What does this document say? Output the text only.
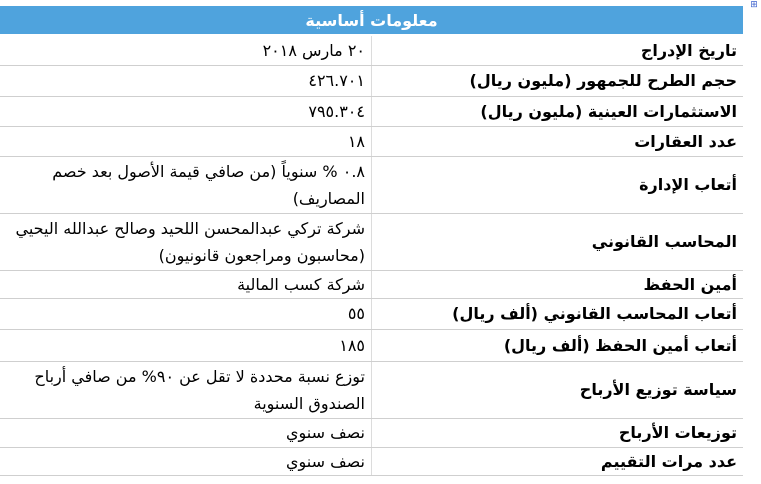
⊞
معلومات أساسية	
تاريخ الإدراج	٢٠ مارس ٢٠١٨
حجم الطرح للجمهور (مليون ريال)	٤٢٦.٧٠١
الاستثمارات العينية (مليون ريال)	٧٩٥.٣٠٤
عدد العقارات	١٨
أتعاب الإدارة	٠.٨ % سنوياً (من صافي قيمة الأصول بعد خصم المصاريف)
المحاسب القانوني	شركة تركي عبدالمحسن اللحيد وصالح عبدالله اليحيي (محاسبون ومراجعون قانونيون)
أمين الحفظ	شركة كسب المالية
أتعاب المحاسب القانوني (ألف ريال)	٥٥
أتعاب أمين الحفظ (ألف ريال)	١٨٥
سياسة توزيع الأرباح	توزع نسبة محددة لا تقل عن ٩٠% من صافي أرباح الصندوق السنوية
توزيعات الأرباح	نصف سنوي
عدد مرات التقييم	نصف سنوي
